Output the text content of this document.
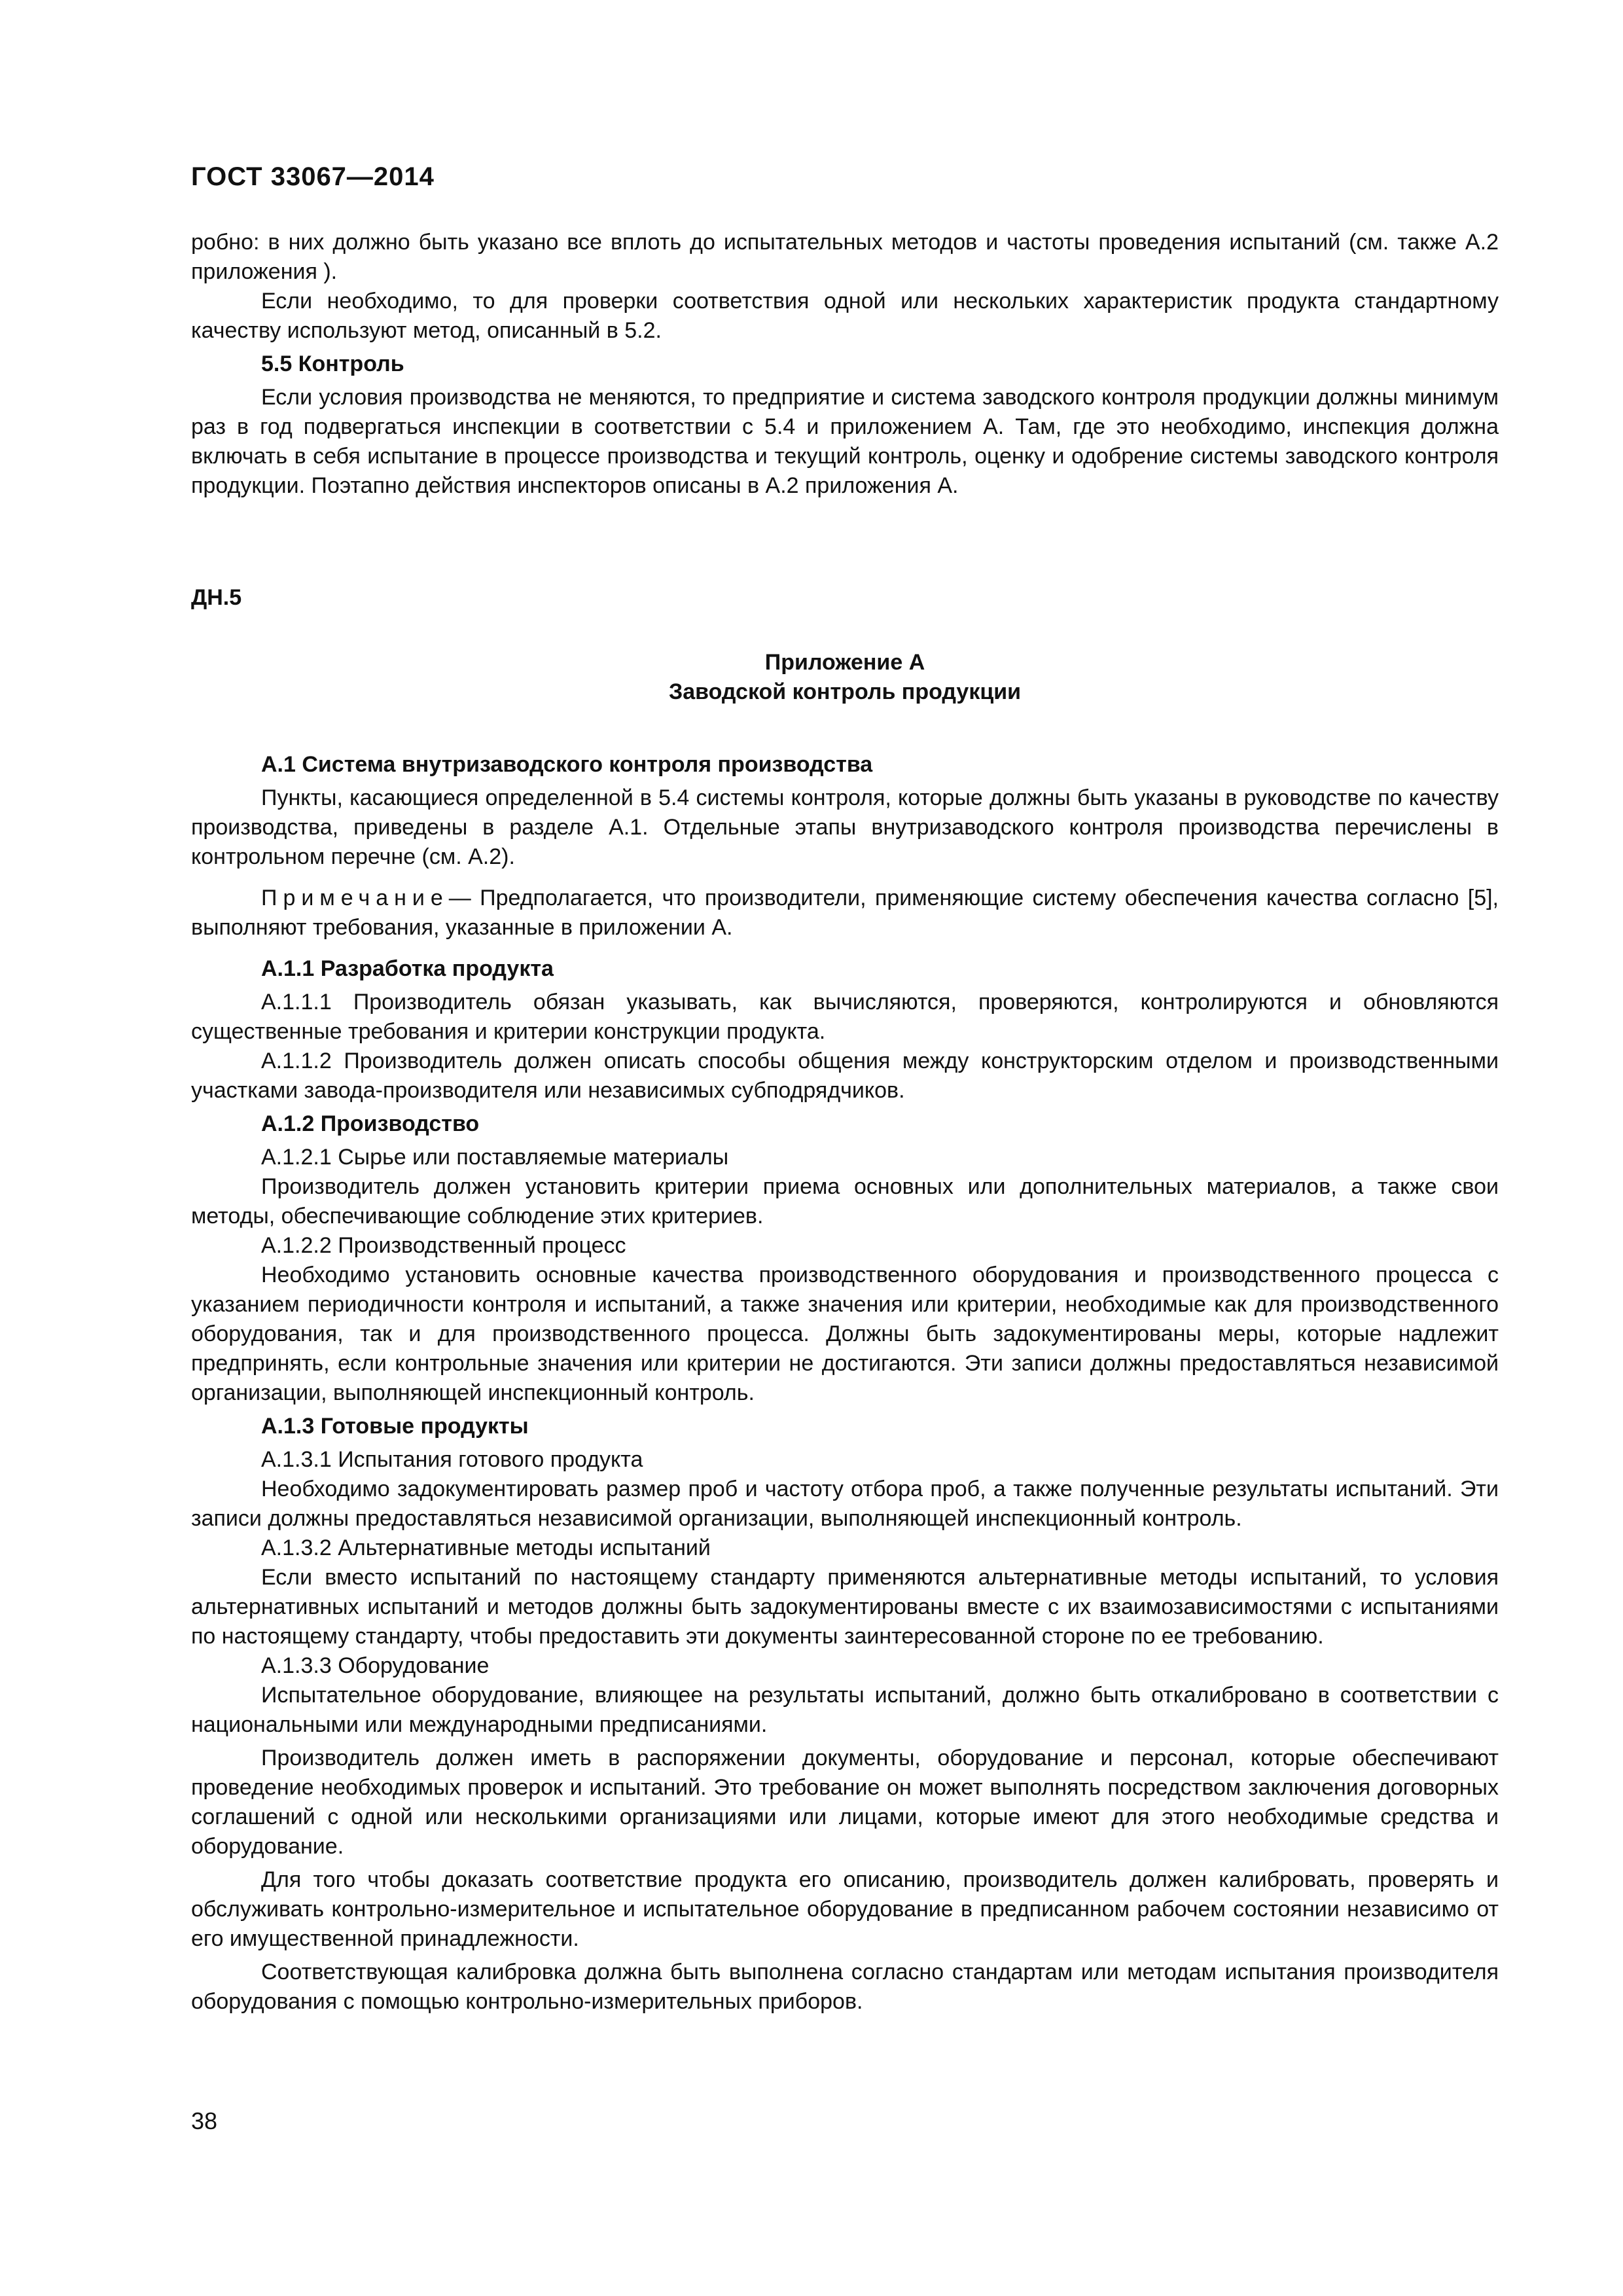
ГОСТ 33067—2014

робно: в них должно быть указано все вплоть до испытательных методов и частоты проведения испытаний (см. также А.2 приложения ).

Если необходимо, то для проверки соответствия одной или нескольких характеристик продукта стандартному качеству используют метод, описанный в 5.2.

5.5 Контроль

Если условия производства не меняются, то предприятие и система заводского контроля продукции должны минимум раз в год подвергаться инспекции в соответствии с 5.4 и приложением А. Там, где это необходимо, инспекция должна включать в себя испытание в процессе производства и текущий контроль, оценку и одобрение системы заводского контроля продукции. Поэтапно действия инспекторов описаны в А.2 приложения А.

ДН.5

Приложение А

Заводской контроль продукции

А.1 Система внутризаводского контроля производства

Пункты, касающиеся определенной в 5.4 системы контроля, которые должны быть указаны в руководстве по качеству производства, приведены в разделе А.1. Отдельные этапы внутризаводского контроля производства перечислены в контрольном перечне (см. А.2).

Примечание— Предполагается, что производители, применяющие систему обеспечения качества согласно [5], выполняют требования, указанные в приложении А.

А.1.1 Разработка продукта

А.1.1.1 Производитель обязан указывать, как вычисляются, проверяются, контролируются и обновляются существенные требования и критерии конструкции продукта.

А.1.1.2 Производитель должен описать способы общения между конструкторским отделом и производственными участками завода-производителя или независимых субподрядчиков.

А.1.2 Производство

А.1.2.1 Сырье или поставляемые материалы

Производитель должен установить критерии приема основных или дополнительных материалов, а также свои методы, обеспечивающие соблюдение этих критериев.

А.1.2.2 Производственный процесс

Необходимо установить основные качества производственного оборудования и производственного процесса с указанием периодичности контроля и испытаний, а также значения или критерии, необходимые как для производственного оборудования, так и для производственного процесса. Должны быть задокументированы меры, которые надлежит предпринять, если контрольные значения или критерии не достигаются. Эти записи должны предоставляться независимой организации, выполняющей инспекционный контроль.

А.1.3 Готовые продукты

А.1.3.1 Испытания готового продукта

Необходимо задокументировать размер проб и частоту отбора проб, а также полученные результаты испытаний. Эти записи должны предоставляться независимой организации, выполняющей инспекционный контроль.

А.1.3.2 Альтернативные методы испытаний

Если вместо испытаний по настоящему стандарту применяются альтернативные методы испытаний, то условия альтернативных испытаний и методов должны быть задокументированы вместе с их взаимозависимостями с испытаниями по настоящему стандарту, чтобы предоставить эти документы заинтересованной стороне по ее требованию.

А.1.3.3 Оборудование

Испытательное оборудование, влияющее на результаты испытаний, должно быть откалибровано в соответствии с национальными или международными предписаниями.

Производитель должен иметь в распоряжении документы, оборудование и персонал, которые обеспечивают проведение необходимых проверок и испытаний. Это требование он может выполнять посредством заключения договорных соглашений с одной или несколькими организациями или лицами, которые имеют для этого необходимые средства и оборудование.

Для того чтобы доказать соответствие продукта его описанию, производитель должен калибровать, проверять и обслуживать контрольно-измерительное и испытательное оборудование в предписанном рабочем состоянии независимо от его имущественной принадлежности.

Соответствующая калибровка должна быть выполнена согласно стандартам или методам испытания производителя оборудования с помощью контрольно-измерительных приборов.

38
